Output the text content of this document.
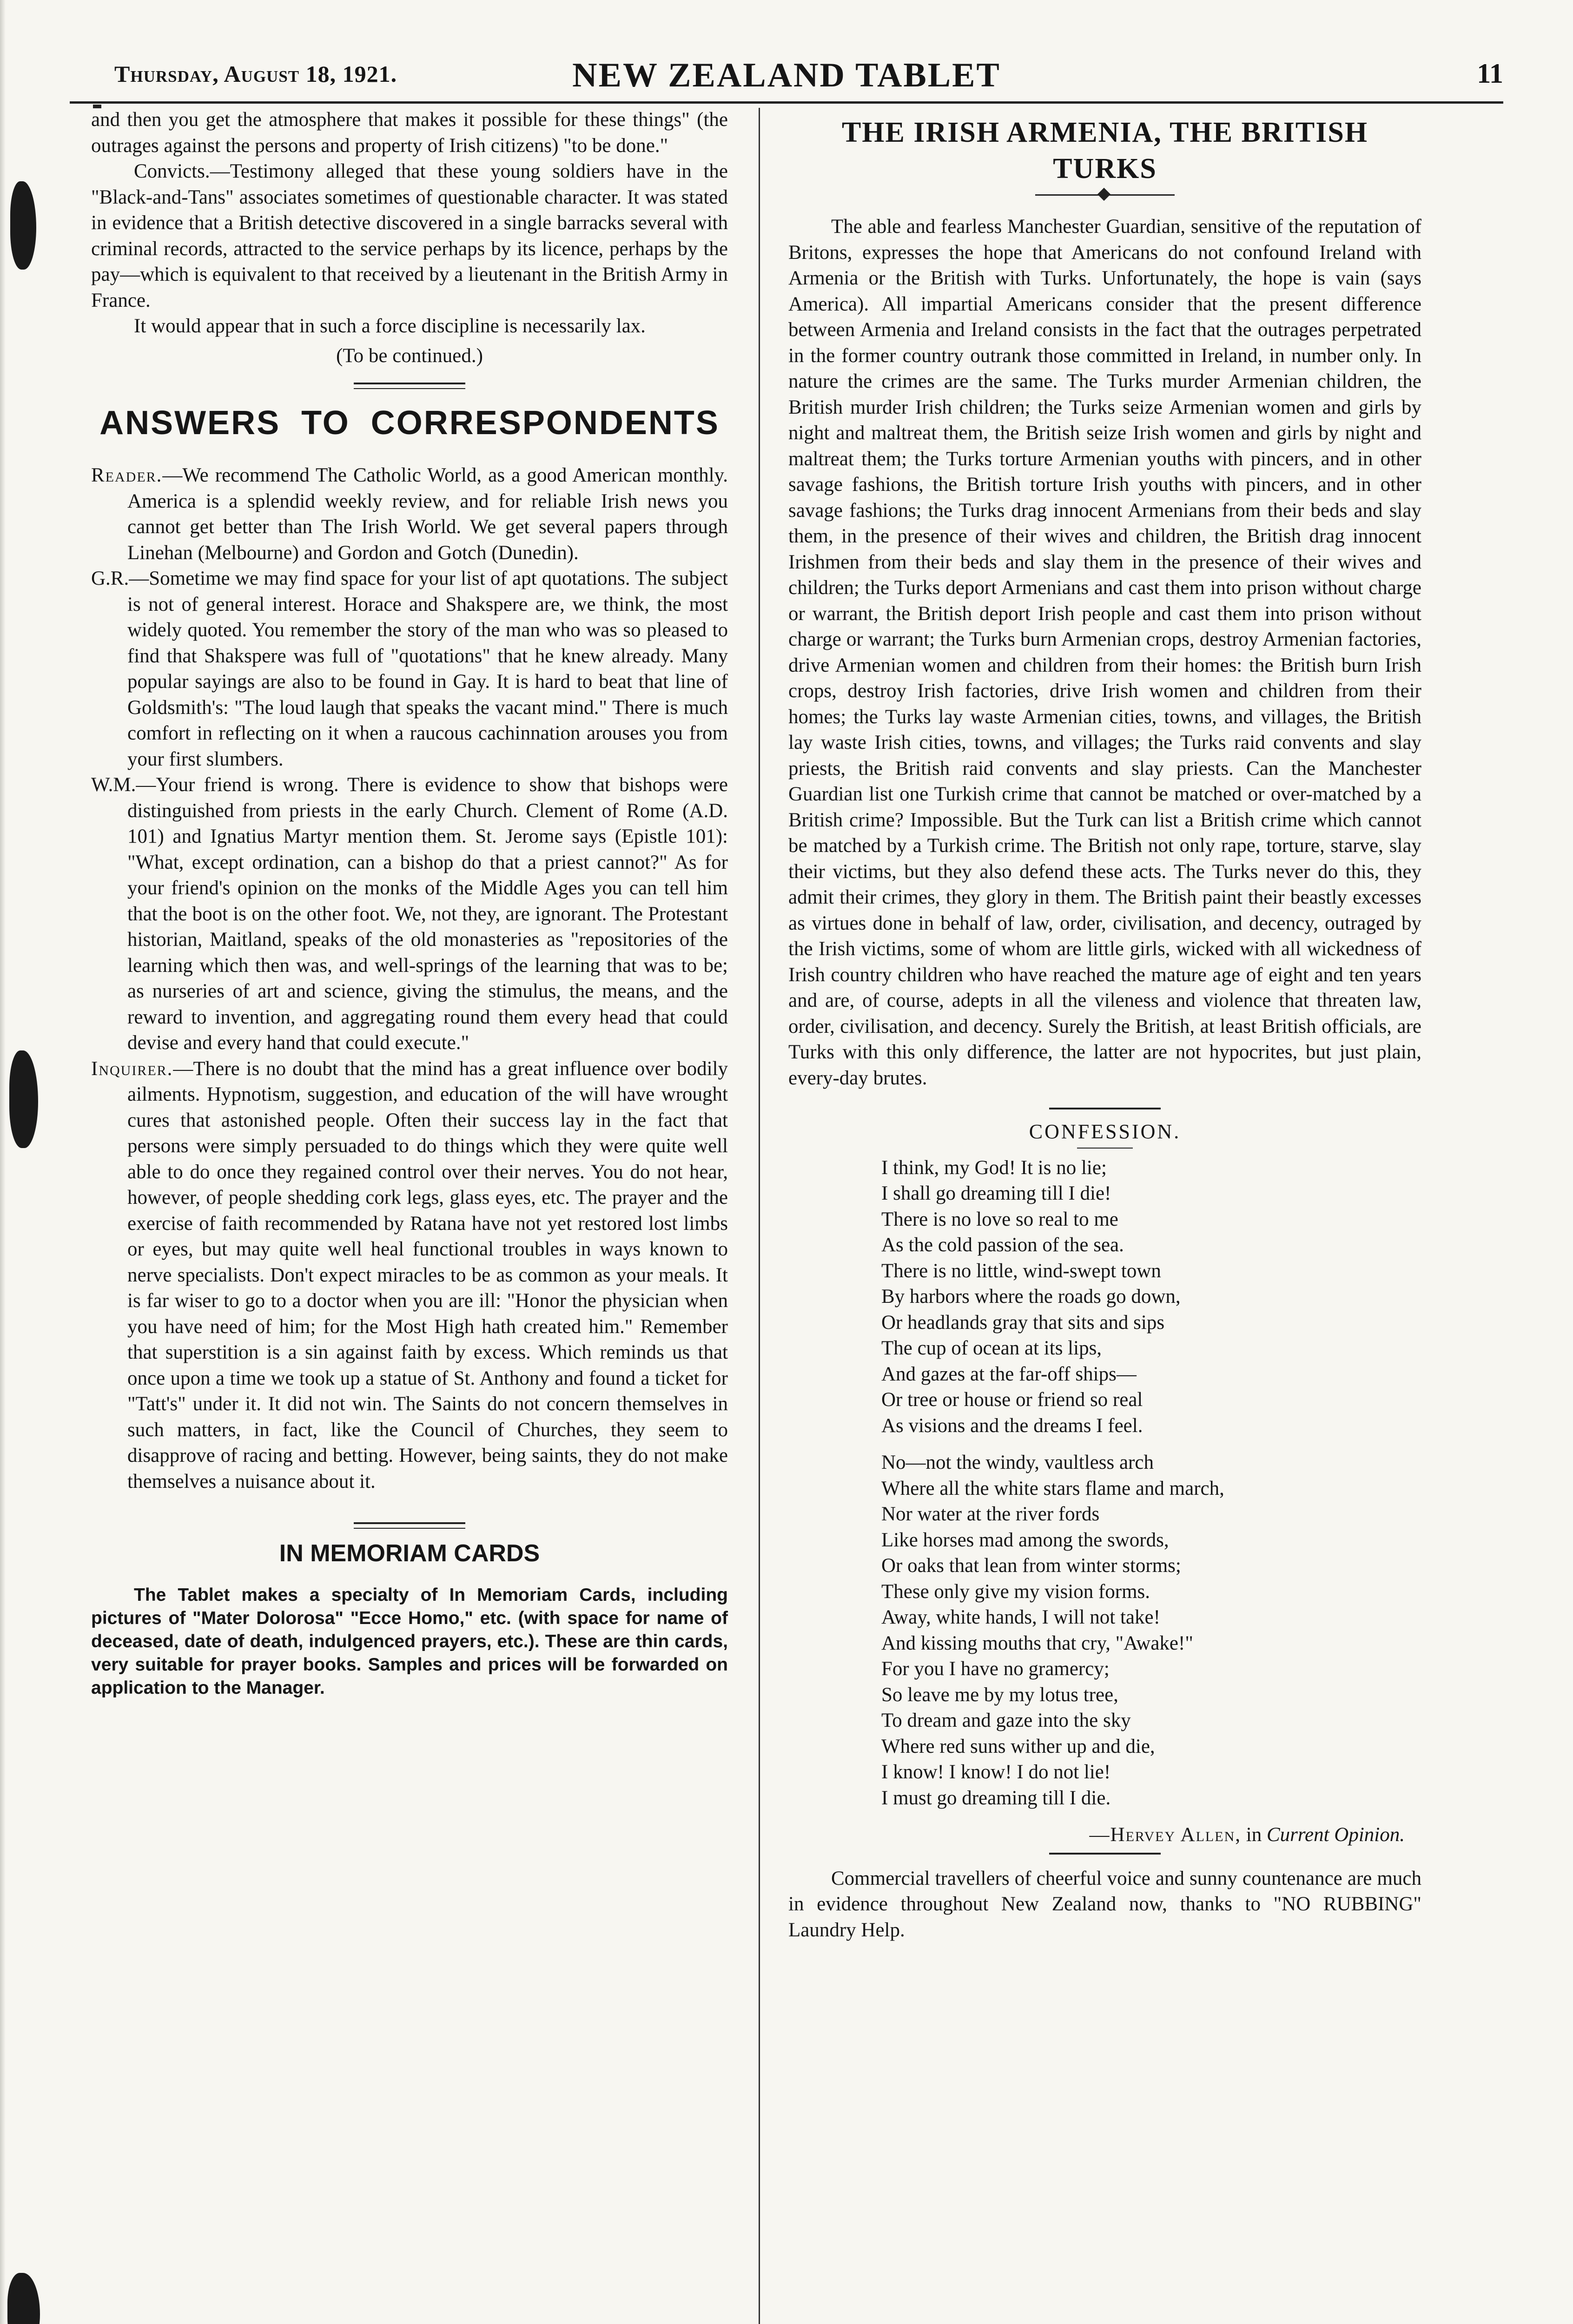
Thursday, August 18, 1921.	NEW ZEALAND TABLET	11

and then you get the atmosphere that makes it possible for these things" (the outrages against the persons and property of Irish citizens) "to be done."

Convicts.—Testimony alleged that these young soldiers have in the "Black-and-Tans" associates sometimes of questionable character. It was stated in evidence that a British detective discovered in a single barracks several with criminal records, attracted to the service perhaps by its licence, perhaps by the pay—which is equivalent to that received by a lieutenant in the British Army in France.

It would appear that in such a force discipline is necessarily lax.

(To be continued.)

ANSWERS TO CORRESPONDENTS

Reader.—We recommend The Catholic World, as a good American monthly. America is a splendid weekly review, and for reliable Irish news you cannot get better than The Irish World. We get several papers through Linehan (Melbourne) and Gordon and Gotch (Dunedin).

G.R.—Sometime we may find space for your list of apt quotations. The subject is not of general interest. Horace and Shakspere are, we think, the most widely quoted. You remember the story of the man who was so pleased to find that Shakspere was full of "quotations" that he knew already. Many popular sayings are also to be found in Gay. It is hard to beat that line of Goldsmith's: "The loud laugh that speaks the vacant mind." There is much comfort in reflecting on it when a raucous cachinnation arouses you from your first slumbers.

W.M.—Your friend is wrong. There is evidence to show that bishops were distinguished from priests in the early Church. Clement of Rome (A.D. 101) and Ignatius Martyr mention them. St. Jerome says (Epistle 101): "What, except ordination, can a bishop do that a priest cannot?" As for your friend's opinion on the monks of the Middle Ages you can tell him that the boot is on the other foot. We, not they, are ignorant. The Protestant historian, Maitland, speaks of the old monasteries as "repositories of the learning which then was, and well-springs of the learning that was to be; as nurseries of art and science, giving the stimulus, the means, and the reward to invention, and aggregating round them every head that could devise and every hand that could execute."

Inquirer.—There is no doubt that the mind has a great influence over bodily ailments. Hypnotism, suggestion, and education of the will have wrought cures that astonished people. Often their success lay in the fact that persons were simply persuaded to do things which they were quite well able to do once they regained control over their nerves. You do not hear, however, of people shedding cork legs, glass eyes, etc. The prayer and the exercise of faith recommended by Ratana have not yet restored lost limbs or eyes, but may quite well heal functional troubles in ways known to nerve specialists. Don't expect miracles to be as common as your meals. It is far wiser to go to a doctor when you are ill: "Honor the physician when you have need of him; for the Most High hath created him." Remember that superstition is a sin against faith by excess. Which reminds us that once upon a time we took up a statue of St. Anthony and found a ticket for "Tatt's" under it. It did not win. The Saints do not concern themselves in such matters, in fact, like the Council of Churches, they seem to disapprove of racing and betting. However, being saints, they do not make themselves a nuisance about it.

IN MEMORIAM CARDS

The Tablet makes a specialty of In Memoriam Cards, including pictures of "Mater Dolorosa" "Ecce Homo," etc. (with space for name of deceased, date of death, indulgenced prayers, etc.). These are thin cards, very suitable for prayer books. Samples and prices will be forwarded on application to the Manager.

THE IRISH ARMENIA, THE BRITISH TURKS

The able and fearless Manchester Guardian, sensitive of the reputation of Britons, expresses the hope that Americans do not confound Ireland with Armenia or the British with Turks. Unfortunately, the hope is vain (says America). All impartial Americans consider that the present difference between Armenia and Ireland consists in the fact that the outrages perpetrated in the former country outrank those committed in Ireland, in number only. In nature the crimes are the same. The Turks murder Armenian children, the British murder Irish children; the Turks seize Armenian women and girls by night and maltreat them, the British seize Irish women and girls by night and maltreat them; the Turks torture Armenian youths with pincers, and in other savage fashions, the British torture Irish youths with pincers, and in other savage fashions; the Turks drag innocent Armenians from their beds and slay them, in the presence of their wives and children, the British drag innocent Irishmen from their beds and slay them in the presence of their wives and children; the Turks deport Armenians and cast them into prison without charge or warrant, the British deport Irish people and cast them into prison without charge or warrant; the Turks burn Armenian crops, destroy Armenian factories, drive Armenian women and children from their homes: the British burn Irish crops, destroy Irish factories, drive Irish women and children from their homes; the Turks lay waste Armenian cities, towns, and villages, the British lay waste Irish cities, towns, and villages; the Turks raid convents and slay priests, the British raid convents and slay priests. Can the Manchester Guardian list one Turkish crime that cannot be matched or over-matched by a British crime? Impossible. But the Turk can list a British crime which cannot be matched by a Turkish crime. The British not only rape, torture, starve, slay their victims, but they also defend these acts. The Turks never do this, they admit their crimes, they glory in them. The British paint their beastly excesses as virtues done in behalf of law, order, civilisation, and decency, outraged by the Irish victims, some of whom are little girls, wicked with all wickedness of Irish country children who have reached the mature age of eight and ten years and are, of course, adepts in all the vileness and violence that threaten law, order, civilisation, and decency. Surely the British, at least British officials, are Turks with this only difference, the latter are not hypocrites, but just plain, every-day brutes.

CONFESSION.
I think, my God! It is no lie;
I shall go dreaming till I die!
There is no love so real to me
As the cold passion of the sea.
There is no little, wind-swept town
By harbors where the roads go down,
Or headlands gray that sits and sips
The cup of ocean at its lips,
And gazes at the far-off ships—
Or tree or house or friend so real
As visions and the dreams I feel.
No—not the windy, vaultless arch
Where all the white stars flame and march,
Nor water at the river fords
Like horses mad among the swords,
Or oaks that lean from winter storms;
These only give my vision forms.
Away, white hands, I will not take!
And kissing mouths that cry, "Awake!"
For you I have no gramercy;
So leave me by my lotus tree,
To dream and gaze into the sky
Where red suns wither up and die,
I know! I know! I do not lie!
I must go dreaming till I die.

—Hervey Allen, in Current Opinion.

Commercial travellers of cheerful voice and sunny countenance are much in evidence throughout New Zealand now, thanks to "NO RUBBING" Laundry Help.
